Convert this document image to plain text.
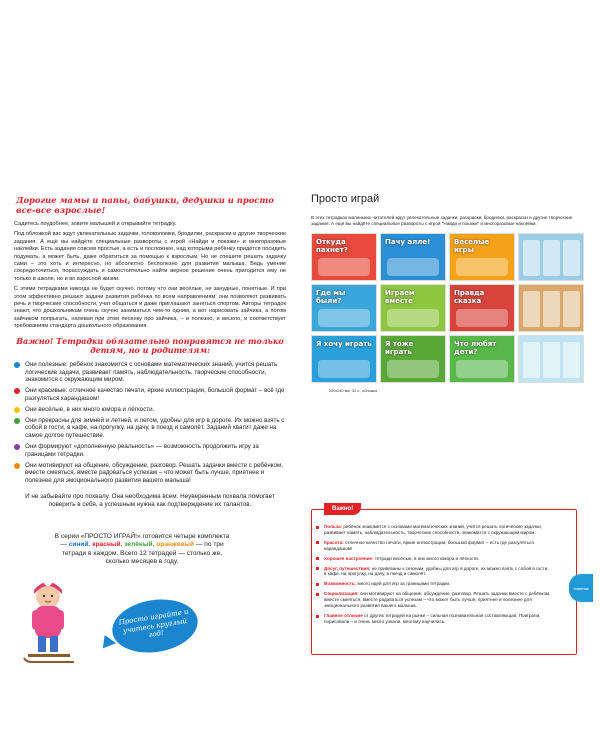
Дорогие мамы и папы, бабушки, дедушки и просто все-все взрослые!

Садитесь поудобнее, зовите малышей и открывайте тетрадку.

Под обложкой вас ждут увлекательные задачки, головоломки, бродилки, раскраски и другие творческие задания. А ещё вы найдёте специальные развороты с игрой «Найди и покажи» и многоразовые наклейки. Есть задания совсем простые, а есть и посложнее, над которыми ребёнку придётся посидеть подумать, а может быть, даже обратиться за помощью к взрослым. Но не спешите решать задачку сами – это хоть и интересно, но абсолютно бесполезно для развития малыша. Ведь умение сосредоточиться, порассуждать и самостоятельно найти верное решение очень пригодится ему не только в школе, но и во взрослой жизни.

С этими тетрадками никогда не будет скучно, потому что они весёлые, не занудные, понятные. И при этом эффективно решают задачи развития ребёнка по всем направлениям: они позволяют развивать речь и творческие способности, учат общаться и даже приглашают заняться спортом. Авторы тетрадок знают, что дошкольникам очень скучно заниматься чем-то одним, а вот нарисовать зайчика, а потом зайчиком попрыгать, напевая при этом песенку про зайчика, – и полезно, и весело, и соответствует требованиям стандарта дошкольного образования.

Важно! Тетрадки обязательно понравятся не только детям, но и родителям:
Они полезные: ребёнок знакомится с основами математических знаний, учится решать логические задачи, развивает память, наблюдательность, творческие способности, знакомится с окружающим миром.
Они красивые: отличное качество печати, яркие иллюстрации, большой формат – всё где разгуляться карандашом!
Они весёлые, в них много юмора и лёгкости.
Они прекрасны для зимней и летней, и летом, удобны для игр в дороге. Их можно взять с собой в гости, в кафе, на прогулку, на дачу, в поезд и самолёт. Заданий хватит даже на самое долгое путешествие.
Они формируют «дополненную реальность» — возможность продолжить игру за границами тетрадки.
Они мотивируют на общение, обсуждение, разговор. Решать задачки вместе с ребёнком, вместе смеяться, вместе радоваться успехам – что может быть лучше, приятнее и полезнее для эмоционального развития вашего малыша!
И не забывайте про похвалу. Она необходима всем. Неуверенным похвала помогает поверить в себя, а успешным нужна как подтверждение их талантов.
В серии «ПРОСТО ИГРАЙ!» готовится четыре комплекта — синий, красный, зелёный, оранжевый — по три тетради в каждом. Всего 12 тетрадей — столько же, сколько месяцев в году.
Просто играйте и учитесь круглый год!
Просто играй
В этих тетрадках маленьких читателей ждут увлекательные задачки, раскраски, бродилки, раскраски и другие творческие задания. А ещё вы найдёте специальные развороты с игрой "Найди и покажи" и многоразовые наклейки.
Откуда пахнет?
Пачу алле!	Веселые игры
Где мы были?
Играем вместе
Правда сказка
Я хочу играть Я тоже играть
Что любят дети?
200х240 мм, 32 с., обложка
Важно!
Польза: ребёнок знакомится с основами математических знаний, учится решать логические задачки, развивает память, наблюдательность, творческие способности, знакомится с окружающим миром.
Красота: отличное качество печати, яркие иллюстрации, большой формат – есть где разгуляться карандашом!
Хорошее настроение: тетради весёлые, в них много юмора и лёгкости.
Досуг, путешествия: не привязаны к сезонам, удобны для игр в дороге, их можно взять с собой в гости, в кафе, на прогулку, на дачу, в поезд и самолёт.
Возможность: много идей для игр за границами тетрадки.
Социализация: они мотивируют на общение, обсуждение, разговор. Решать задачки вместе с ребёнком, вместе смеяться, вместе радоваться успехам – что может быть лучше, приятнее и полезнее для эмоционального развития вашего малыша.
Главное отличие от других тетрадей на рынке – сильная познавательная составляющая. Поиграли, порисовали – и очень много узнали, многому научились.
новинка
